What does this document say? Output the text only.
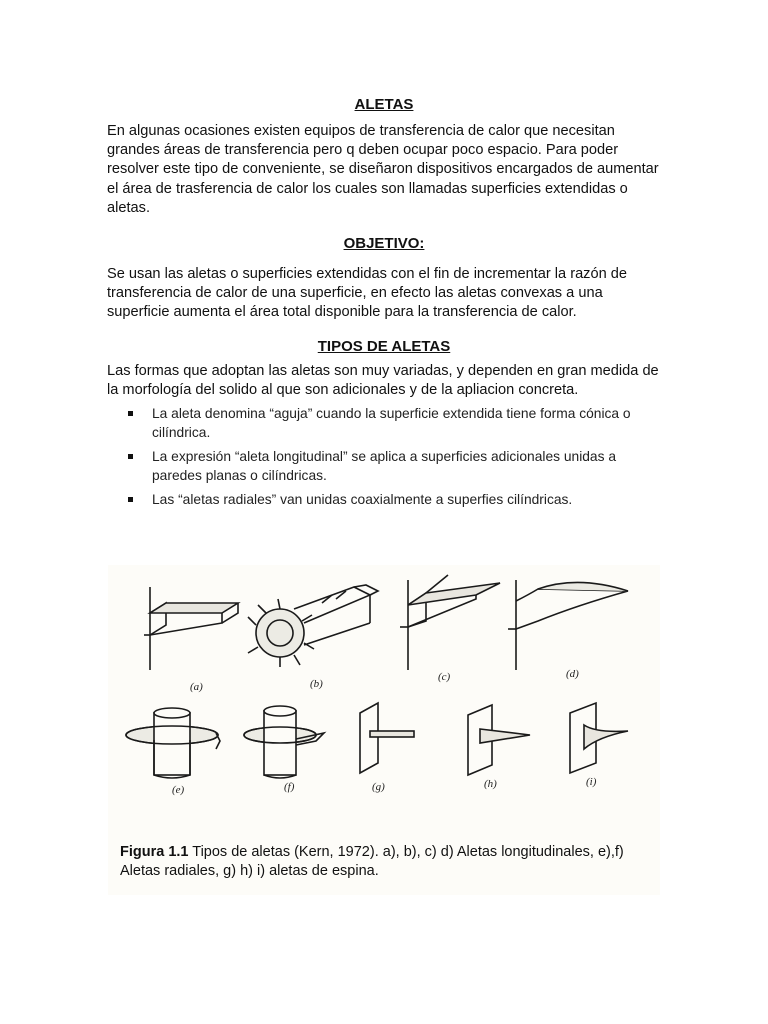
ALETAS

En algunas ocasiones existen equipos de transferencia de calor que necesitan grandes áreas de transferencia pero q deben ocupar poco espacio. Para poder resolver este tipo de conveniente, se diseñaron dispositivos encargados de aumentar el área de trasferencia de calor los cuales son llamadas superficies extendidas o aletas.

OBJETIVO:

Se usan las aletas o superficies extendidas con el fin de incrementar la razón de transferencia de calor de una superficie, en efecto las aletas convexas a una superficie aumenta el área total disponible para la transferencia de calor.

TIPOS DE ALETAS

Las formas que adoptan las aletas son muy variadas, y dependen en gran medida de la morfología del solido al que son adicionales y de la apliacion concreta.

La aleta denomina “aguja” cuando la superficie extendida tiene forma cónica o cilíndrica.
La expresión “aleta longitudinal” se aplica a superficies adicionales unidas a paredes planas o cilíndricas.
Las “aletas radiales” van unidas coaxialmente a superfies cilíndricas.
(a)	(b)
(c)	(d)
(e)	(f)	(g)	(h)	(i)
Figura 1.1 Tipos de aletas (Kern, 1972). a), b), c) d) Aletas longitudinales, e),f) Aletas radiales, g) h) i) aletas de espina.
